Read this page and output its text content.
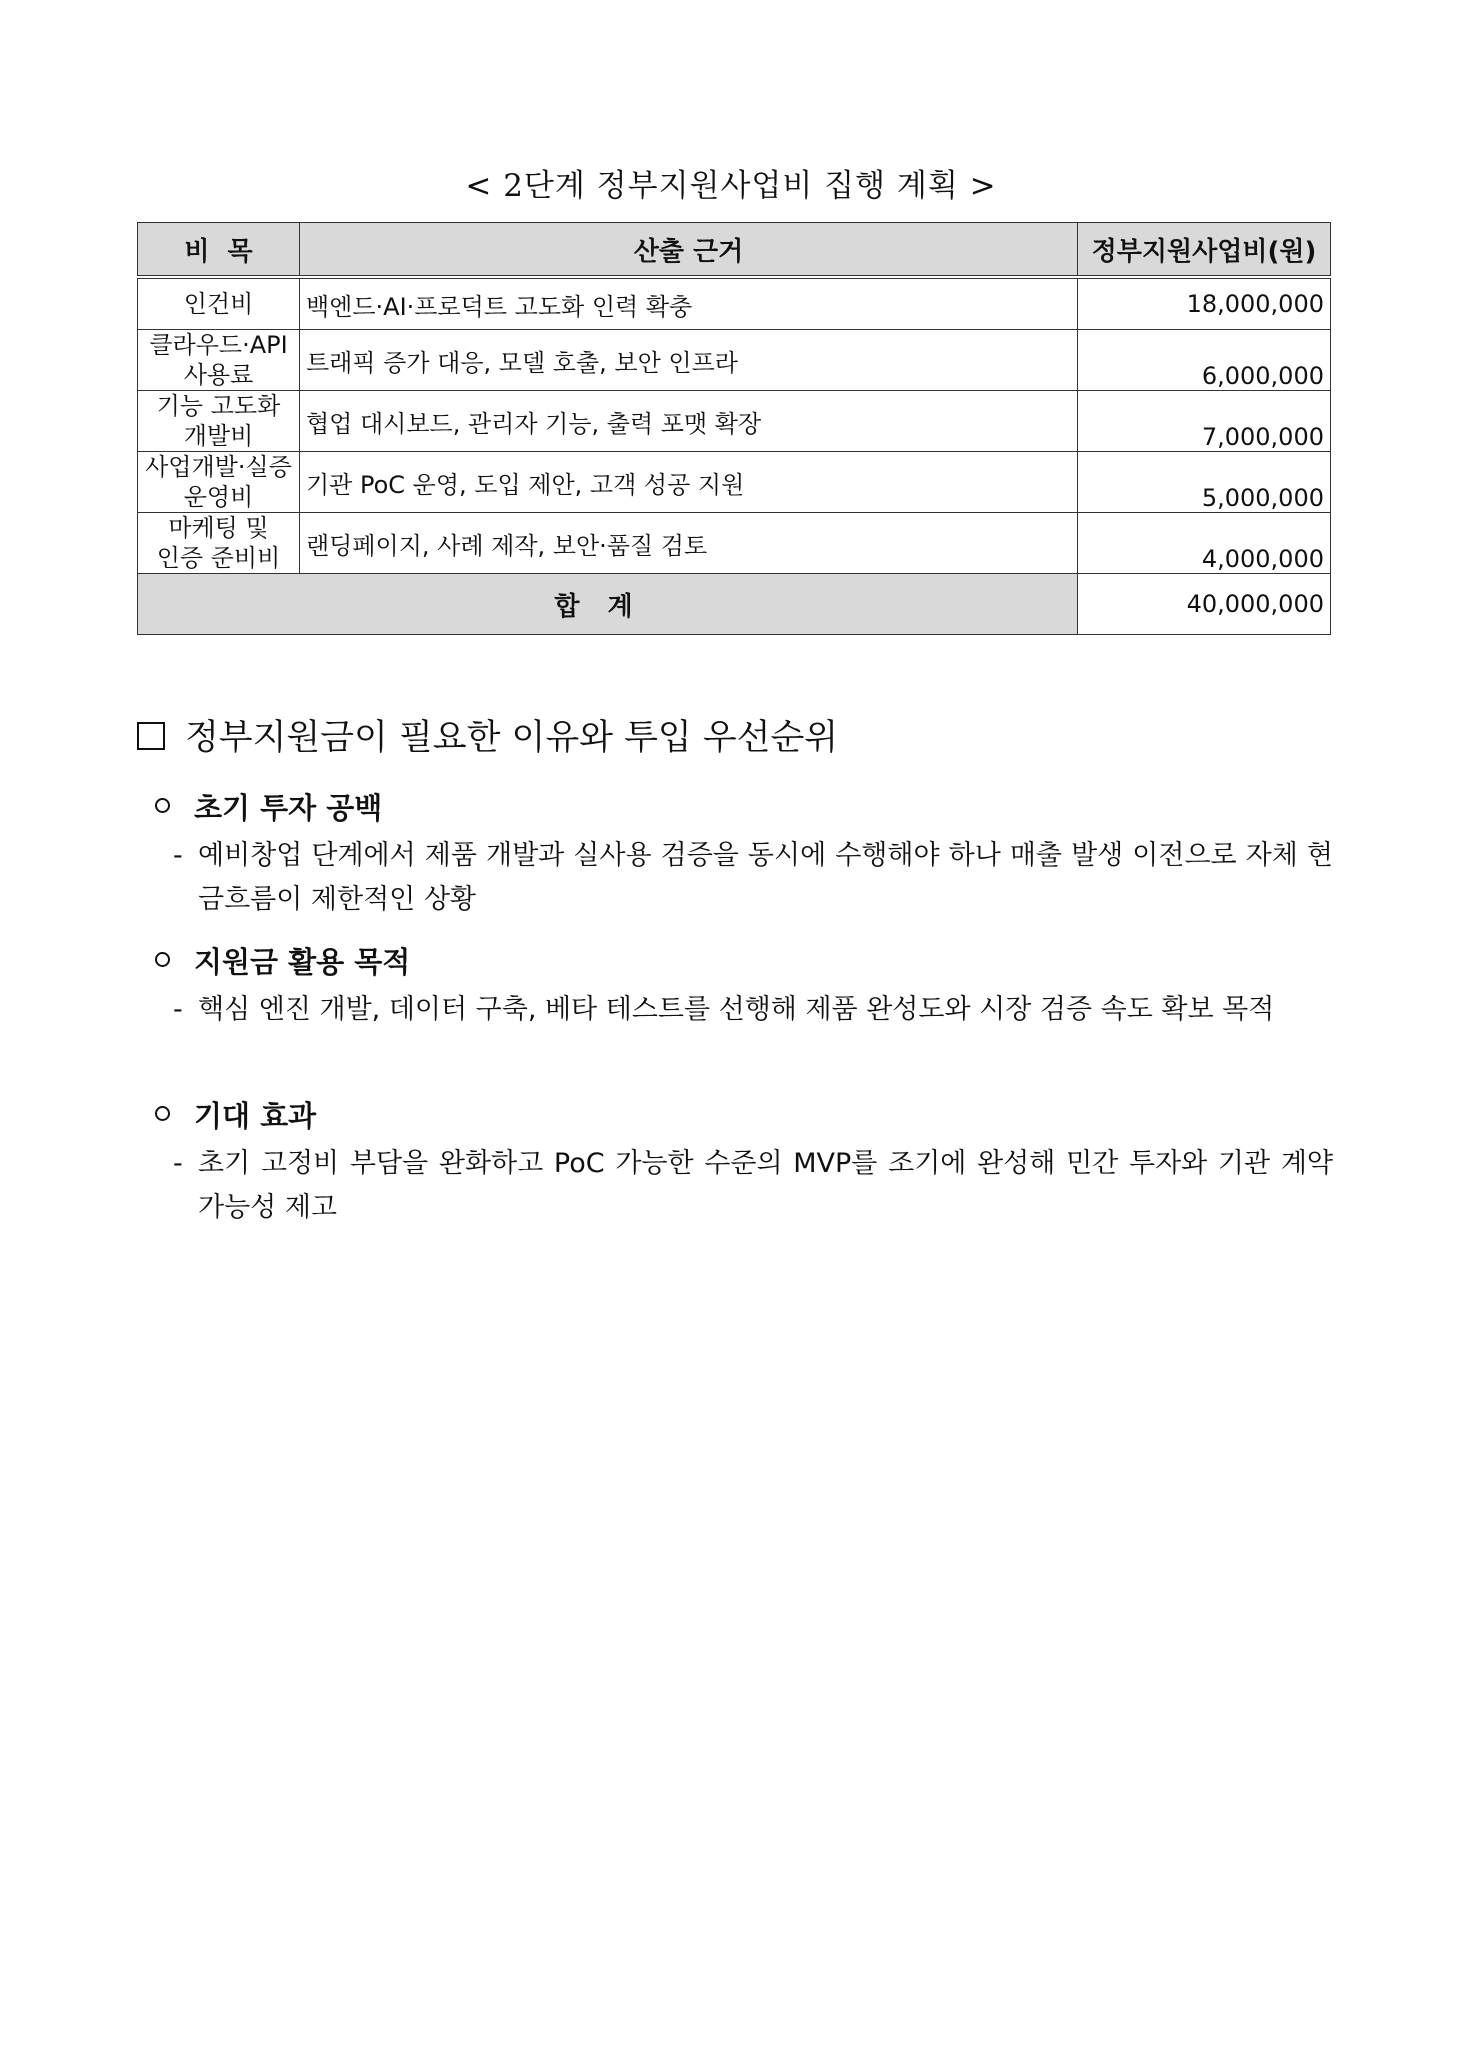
< 2단계 정부지원사업비 집행 계획 >
비  목	산출 근거	정부지원사업비(원)
인건비	백엔드·AI·프로덕트 고도화 인력 확충	18,000,000
클라우드·API 사용료	트래픽 증가 대응, 모델 호출, 보안 인프라	6,000,000
기능 고도화 개발비	협업 대시보드, 관리자 기능, 출력 포맷 확장	7,000,000
사업개발·실증 운영비	기관 PoC 운영, 도입 제안, 고객 성공 지원	5,000,000
마케팅 및 인증 준비비	랜딩페이지, 사례 제작, 보안·품질 검토	4,000,000
합계		40,000,000
정부지원금이 필요한 이유와 투입 우선순위
초기 투자 공백
- 예비창업 단계에서 제품 개발과 실사용 검증을 동시에 수행해야 하나 매출 발생 이전으로 자체 현금흐름이 제한적인 상황
지원금 활용 목적
- 핵심 엔진 개발, 데이터 구축, 베타 테스트를 선행해 제품 완성도와 시장 검증 속도 확보 목적
기대 효과
- 초기 고정비 부담을 완화하고 PoC 가능한 수준의 MVP를 조기에 완성해 민간 투자와 기관 계약 가능성 제고
